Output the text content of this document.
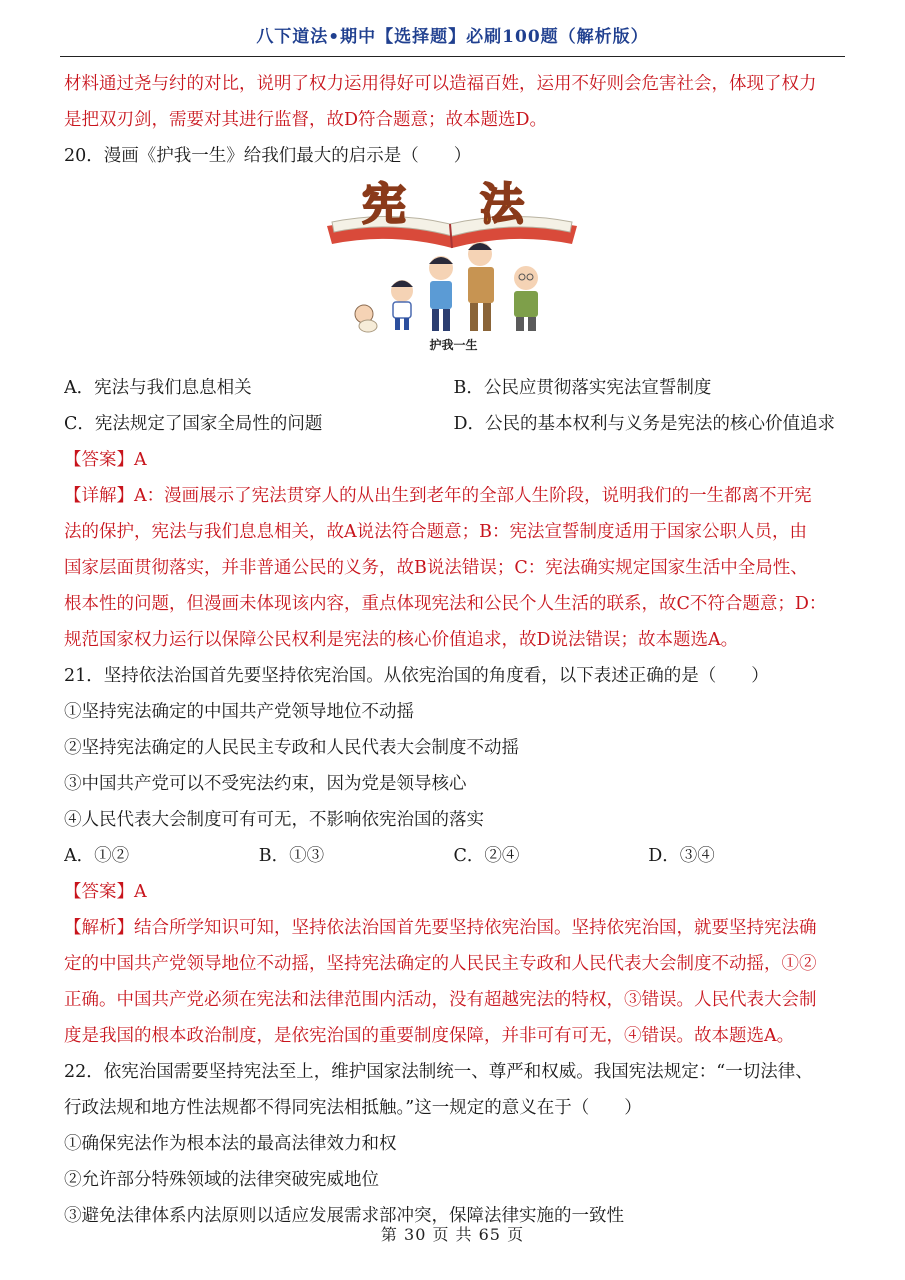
八下道法•期中【选择题】必刷100题（解析版）
材料通过尧与纣的对比，说明了权力运用得好可以造福百姓，运用不好则会危害社会，体现了权力
是把双刃剑，需要对其进行监督，故D符合题意；故本题选D。
20．漫画《护我一生》给我们最大的启示是（　　）
宪 法
护我一生
A．宪法与我们息息相关	B．公民应贯彻落实宪法宣誓制度
C．宪法规定了国家全局性的问题	D．公民的基本权利与义务是宪法的核心价值追求
【答案】A
【详解】A：漫画展示了宪法贯穿人的从出生到老年的全部人生阶段，说明我们的一生都离不开宪
法的保护，宪法与我们息息相关，故A说法符合题意；B：宪法宣誓制度适用于国家公职人员，由
国家层面贯彻落实，并非普通公民的义务，故B说法错误；C：宪法确实规定国家生活中全局性、
根本性的问题，但漫画未体现该内容，重点体现宪法和公民个人生活的联系，故C不符合题意；D：
规范国家权力运行以保障公民权利是宪法的核心价值追求，故D说法错误；故本题选A。
21．坚持依法治国首先要坚持依宪治国。从依宪治国的角度看，以下表述正确的是（　　）
①坚持宪法确定的中国共产党领导地位不动摇
②坚持宪法确定的人民民主专政和人民代表大会制度不动摇
③中国共产党可以不受宪法约束，因为党是领导核心
④人民代表大会制度可有可无，不影响依宪治国的落实
A．①②	B．①③	C．②④	D．③④
【答案】A
【解析】结合所学知识可知，坚持依法治国首先要坚持依宪治国。坚持依宪治国，就要坚持宪法确
定的中国共产党领导地位不动摇，坚持宪法确定的人民民主专政和人民代表大会制度不动摇，①②
正确。中国共产党必须在宪法和法律范围内活动，没有超越宪法的特权，③错误。人民代表大会制
度是我国的根本政治制度，是依宪治国的重要制度保障，并非可有可无，④错误。故本题选A。
22．依宪治国需要坚持宪法至上，维护国家法制统一、尊严和权威。我国宪法规定：“一切法律、
行政法规和地方性法规都不得同宪法相抵触。”这一规定的意义在于（　　）
①确保宪法作为根本法的最高法律效力和权
②允许部分特殊领域的法律突破宪威地位
③避免法律体系内法原则以适应发展需求部冲突，保障法律实施的一致性
第 30 页 共 65 页
